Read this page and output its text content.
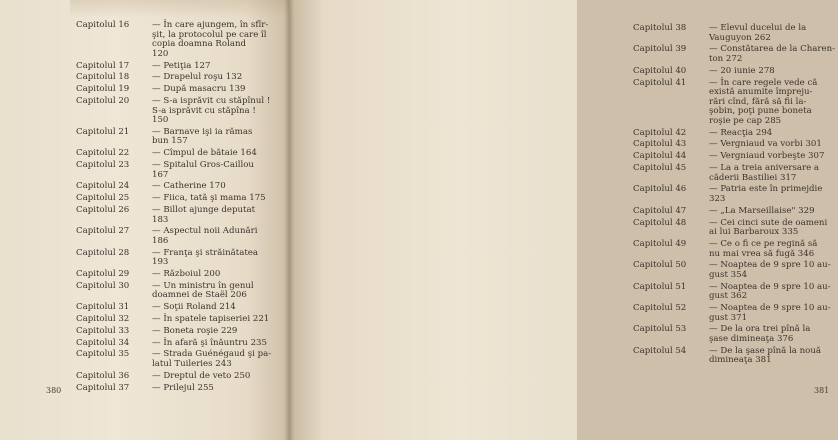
Capitolul 16	— În care ajungem, în sfîr-
şit, la protocolul pe care îl
copia doamna Roland
120
Capitolul 17	— Petiţia 127
Capitolul 18	— Drapelul roşu 132
Capitolul 19	— După masacru 139
Capitolul 20	— S-a isprăvit cu stăpînul !
S-a isprăvit cu stăpîna !
150
Capitolul 21	— Barnave işi ia rămas
bun 157
Capitolul 22	— Cîmpul de bătaie 164
Capitolul 23	— Spitalul Gros-Caillou
167
Capitolul 24	— Catherine 170
Capitolul 25	— Fiica, tată şi mama 175
Capitolul 26	— Billot ajunge deputat
183
Capitolul 27	— Aspectul noii Adunări
186
Capitolul 28	— Franţa şi străinătatea
193
Capitolul 29	— Războiul 200
Capitolul 30	— Un ministru în genul
doamnei de Staël 206
Capitolul 31	— Soţii Roland 214
Capitolul 32	— În spatele tapiseriei 221
Capitolul 33	— Boneta roşie 229
Capitolul 34	— În afară şi înăuntru 235
Capitolul 35	— Strada Guénégaud şi pa-
latul Tuileries 243
Capitolul 36	— Dreptul de veto 250
Capitolul 37	— Prilejul 255
380
Capitolul 38	— Elevul ducelui de la
Vauguyon 262
Capitolul 39	— Constătarea de la Charen-
ton 272
Capitolul 40	— 20 iunie 278
Capitolul 41	— În care regele vede că
există anumite împreju-
rări cînd, fără să fii la-
şobin, poţi pune boneta
roşie pe cap 285
Capitolul 42	— Reacţia 294
Capitolul 43	— Vergniaud va vorbi 301
Capitolul 44	— Vergniaud vorbeşte 307
Capitolul 45	— La a treia aniversare a
căderii Bastiliei 317
Capitolul 46	— Patria este în primejdie
323
Capitolul 47	— „La Marseillaise" 329
Capitolul 48	— Cei cinci sute de oameni
ai lui Barbaroux 335
Capitolul 49	— Ce o fi ce pe regină să
nu mai vrea să fugă 346
Capitolul 50	— Noaptea de 9 spre 10 au-
gust 354
Capitolul 51	— Noaptea de 9 spre 10 au-
gust 362
Capitolul 52	— Noaptea de 9 spre 10 au-
gust 371
Capitolul 53	— De la ora trei pînă la
şase dimineaţa 376
Capitolul 54	— De la şase pînă la nouă
dimineaţa 381
381
